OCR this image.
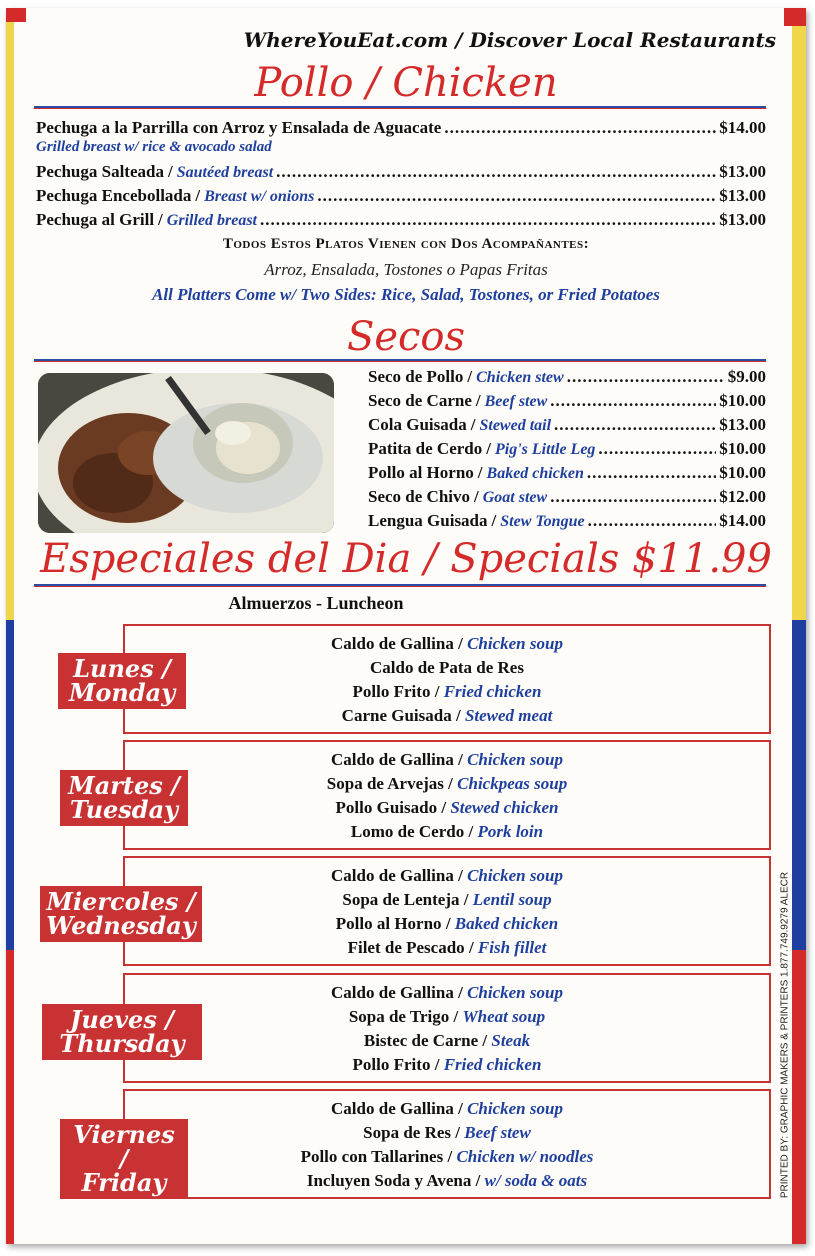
WhereYouEat.com / Discover Local Restaurants
Pollo / Chicken
Pechuga a la Parrilla con Arroz y Ensalada de Aguacate .....	$14.00
Grilled breast w/ rice & avocado salad
Pechuga Salteada / Sautéed breast .....	$13.00
Pechuga Encebollada / Breast w/ onions .....	$13.00
Pechuga al Grill / Grilled breast .....	$13.00
Todos Estos Platos Vienen con Dos Acompañantes:
Arroz, Ensalada, Tostones o Papas Fritas
All Platters Come w/ Two Sides: Rice, Salad, Tostones, or Fried Potatoes
Secos
Seco de Pollo / Chicken stew .....	$9.00
Seco de Carne / Beef stew .....	$10.00
Cola Guisada / Stewed tail .....	$13.00
Patita de Cerdo / Pig's Little Leg .....	$10.00
Pollo al Horno / Baked chicken .....	$10.00
Seco de Chivo / Goat stew .....	$12.00
Lengua Guisada / Stew Tongue .....	$14.00
Especiales del Dia / Specials $11.99
Almuerzos - Luncheon
Caldo de Gallina / Chicken soup
Caldo de Pata de Res
Pollo Frito / Fried chicken
Carne Guisada / Stewed meat
Lunes /
Monday
Caldo de Gallina / Chicken soup
Sopa de Arvejas / Chickpeas soup
Pollo Guisado / Stewed chicken
Lomo de Cerdo / Pork loin
Martes /
Tuesday
Caldo de Gallina / Chicken soup
Sopa de Lenteja / Lentil soup
Pollo al Horno / Baked chicken
Filet de Pescado / Fish fillet
Miercoles /
Wednesday
Caldo de Gallina / Chicken soup
Sopa de Trigo / Wheat soup
Bistec de Carne / Steak
Pollo Frito / Fried chicken
Jueves /
Thursday
Caldo de Gallina / Chicken soup
Sopa de Res / Beef stew
Pollo con Tallarines / Chicken w/ noodles
Incluyen Soda y Avena / w/ soda & oats
Viernes /
Friday	PRINTED BY: GRAPHIC MAKERS & PRINTERS 1.877.749.9279 ALECR
